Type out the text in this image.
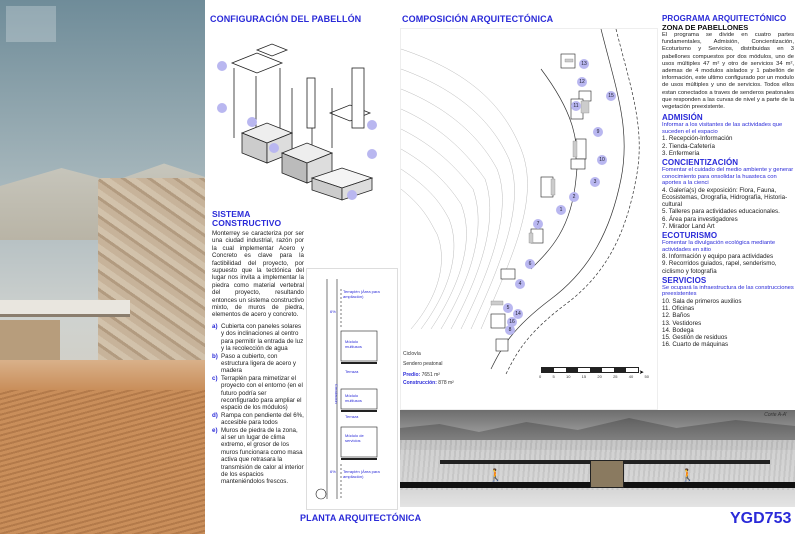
CONFIGURACIÓN DEL PABELLÓN
SISTEMA CONSTRUCTIVO
Monterrey se caracteriza por ser una ciudad industrial, razón por la cual implementar Acero y Concreto es clave para la factibilidad del proyecto, por supuesto que la tectónica del lugar nos invita a implementar la piedra como material vertebral del proyecto, resultando entonces un sistema constructivo mixto, de muros de piedra, elementos de acero y concreto.
a) Cubierta con paneles solares y dos inclinaciones al centro para permitir la entrada de luz y la recolección de agua
b) Paso a cubierto, con estructura ligera de acero y madera
c) Terraplén para mimetizar el proyecto con el entorno (en el futuro podría ser reconfigurado para ampliar el espacio de los módulos)
d) Rampa con pendiente del 6%, accesible para todos
e) Muros de piedra de la zona, al ser un lugar de clima extremo, el grosor de los muros funcionara como masa activa que retrasara la transmisión de calor al interior de los espacios manteniéndolos frescos.
Terraplén (Área para ampliación)
Módulo multiusos
Terraza
Circulación Módulo multiusos
Terraza
Módulo de servicios
Terraplén (Área para ampliación)
6%
6%
PLANTA ARQUITECTÓNICA
COMPOSICIÓN ARQUITECTÓNICA
13
12
15
11
9
10
3
2
1
7
6
4
5
8
14
16
Ciclovía
Sendero peatonal
Predio: 7651 m²
Construcción: 878 m²
0	5	10	15	20	25	40	50
➤
🚶	🚶
Corte A-A'
PROGRAMA ARQUITECTÓNICO
ZONA DE PABELLONES
El programa se divide en cuatro partes fundamentales, Admisión, Concientización, Ecoturismo y Servicios, distribuidas en 3 pabellones compuestos por dos módulos, uno de usos múltiples 47 m² y otro de servicios 34 m², ademas de 4 modulos aislados y 1 pabellón de información, este ultimo configurado por un modulo de usos múltiples y uno de servicios. Todos ellos estan conectados a traves de senderos peatonales que responden a las curvas de nivel y a parte de la vegetación preexistente.
ADMISIÓN
Informar a los visitantes de las actividades que suceden el el espacio
1. Recepción-Información
2. Tienda-Cafetería
3. Enfermería
CONCIENTIZACIÓN
Fomentar el cuidado del medio ambiente y generar conocimiento para onsolidar la huasteca con aportes a la cienci
4. Galería(s) de exposición: Flora, Fauna, Ecosistemas, Orografía, Hidrografía, Historia-cultural
5. Talleres para actividades educacionales.
6. Área para investigadores
7. Mirador Land Art
ECOTURISMO
Fomentar la divulgación ecológica mediante actividades en sitio
8. Información y equipo para actividades
9. Recorridos guiados, rapel, senderismo, ciclismo y fotografía
SERVICIOS
Se ocupará la infraestructura de las construcciones preexistentes
10. Sala de primeros auxilios
11. Oficinas
12. Baños
13. Vestidores
14. Bodega
15. Gestión de residuos
16. Cuarto de máquinas
YGD753
